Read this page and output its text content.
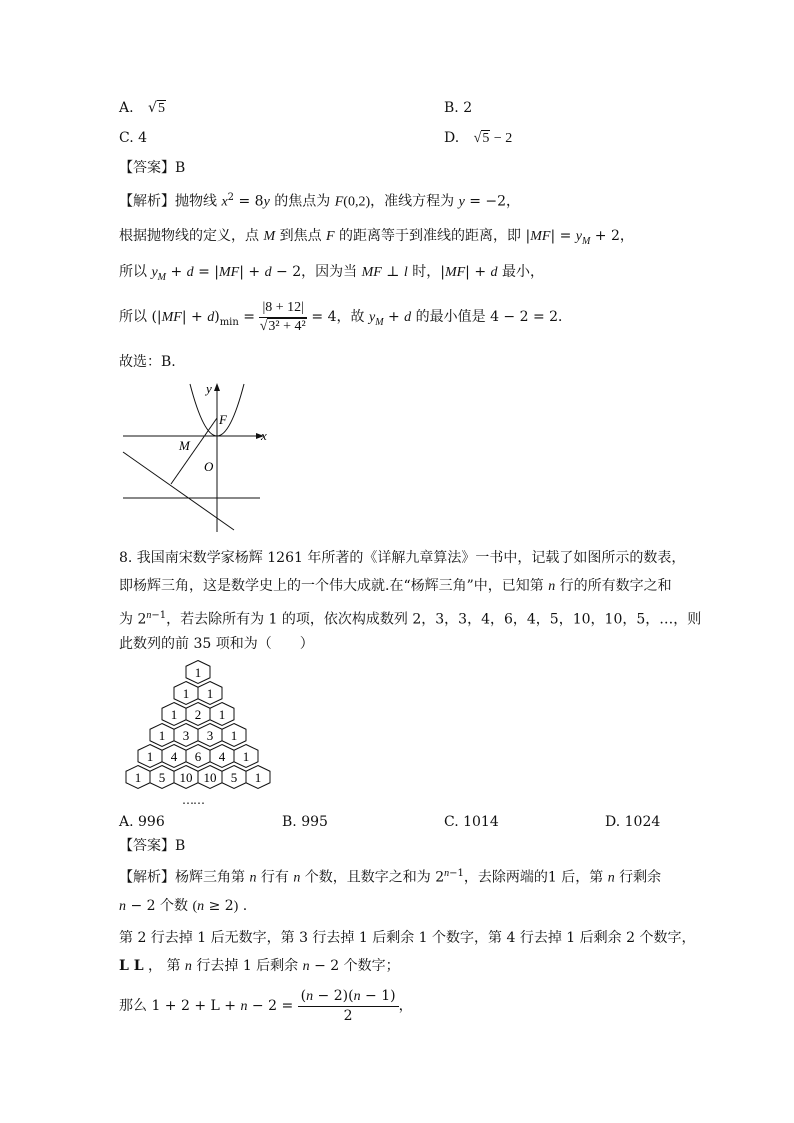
A. √5	B. 2
C. 4	D. √5 − 2
【答案】B
【解析】抛物线 $x^2 = 8y$ 的焦点为 F(0,2)，准线方程为 y = −2，
根据抛物线的定义，点 M 到焦点 F 的距离等于到准线的距离，即 $|MF| = y_M + 2$，
所以 $y_M + d = |MF| + d - 2$，因为当 MF ⊥ l 时，|MF| + d 最小，
所以 $(|MF| + d)_{min} = \frac{|8 + 12|}{\text{√3² + 4²}} = 4$，故 $y_M + d$ 的最小值是 4 − 2 = 2．
故选：B.
y
x
F
M
O
8. 我国南宋数学家杨辉 1261 年所著的《详解九章算法》一书中，记载了如图所示的数表，
即杨辉三角，这是数学史上的一个伟大成就.在“杨辉三角”中，已知第 n 行的所有数字之和
为 $2^{n-1}$，若去除所有为 1 的项，依次构成数列 2，3，3，4，6，4，5，10，10，5，…，则
此数列的前 35 项和为（　　）
1
1 1
1 2 1
1 3 3 1
1 4 6 4 1
1 5 10 10 5 1
……
A. 996	B. 995	C. 1014	D. 1024
【答案】B
【解析】杨辉三角第 n 行有 n 个数，且数字之和为 $2^{n-1}$，去除两端的1 后，第 n 行剩余
n − 2 个数 (n ≥ 2) .
第 2 行去掉 1 后无数字，第 3 行去掉 1 后剩余 1 个数字，第 4 行去掉 1 后剩余 2 个数字，
L L ， 第 n 行去掉 1 后剩余 n − 2 个数字；
那么 $1 + 2 + L + n - 2 = \frac{(n - 2)(n - 1)}{2}$ ，
